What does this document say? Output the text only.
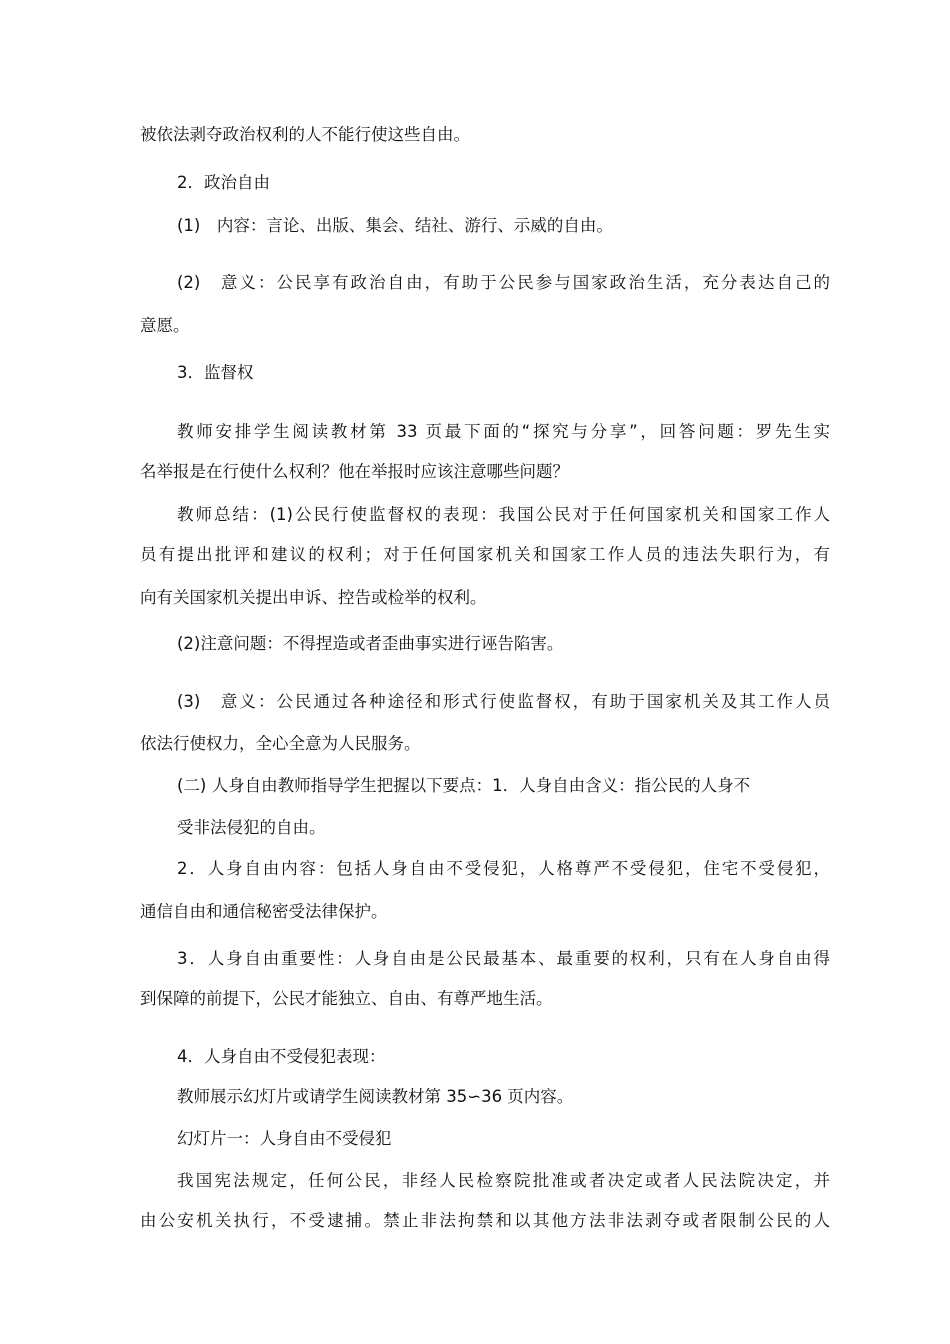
被依法剥夺政治权利的人不能行使这些自由。
2．政治自由
(1)　内容：言论、出版、集会、结社、游行、示威的自由。
(2)　意义：公民享有政治自由，有助于公民参与国家政治生活，充分表达自己的
意愿。
3．监督权
教师安排学生阅读教材第 33 页最下面的“探究与分享”，回答问题：罗先生实
名举报是在行使什么权利？他在举报时应该注意哪些问题？
教师总结：(1)公民行使监督权的表现：我国公民对于任何国家机关和国家工作人
员有提出批评和建议的权利；对于任何国家机关和国家工作人员的违法失职行为，有
向有关国家机关提出申诉、控告或检举的权利。
(2)注意问题：不得捏造或者歪曲事实进行诬告陷害。
(3)　意义：公民通过各种途径和形式行使监督权，有助于国家机关及其工作人员
依法行使权力，全心全意为人民服务。
(二) 人身自由教师指导学生把握以下要点：1．人身自由含义：指公民的人身不
受非法侵犯的自由。
2．人身自由内容：包括人身自由不受侵犯，人格尊严不受侵犯，住宅不受侵犯，
通信自由和通信秘密受法律保护。
3．人身自由重要性：人身自由是公民最基本、最重要的权利，只有在人身自由得
到保障的前提下，公民才能独立、自由、有尊严地生活。
4．人身自由不受侵犯表现：
教师展示幻灯片或请学生阅读教材第 35∽36 页内容。
幻灯片一：人身自由不受侵犯
我国宪法规定，任何公民，非经人民检察院批准或者决定或者人民法院决定，并
由公安机关执行，不受逮捕。禁止非法拘禁和以其他方法非法剥夺或者限制公民的人
